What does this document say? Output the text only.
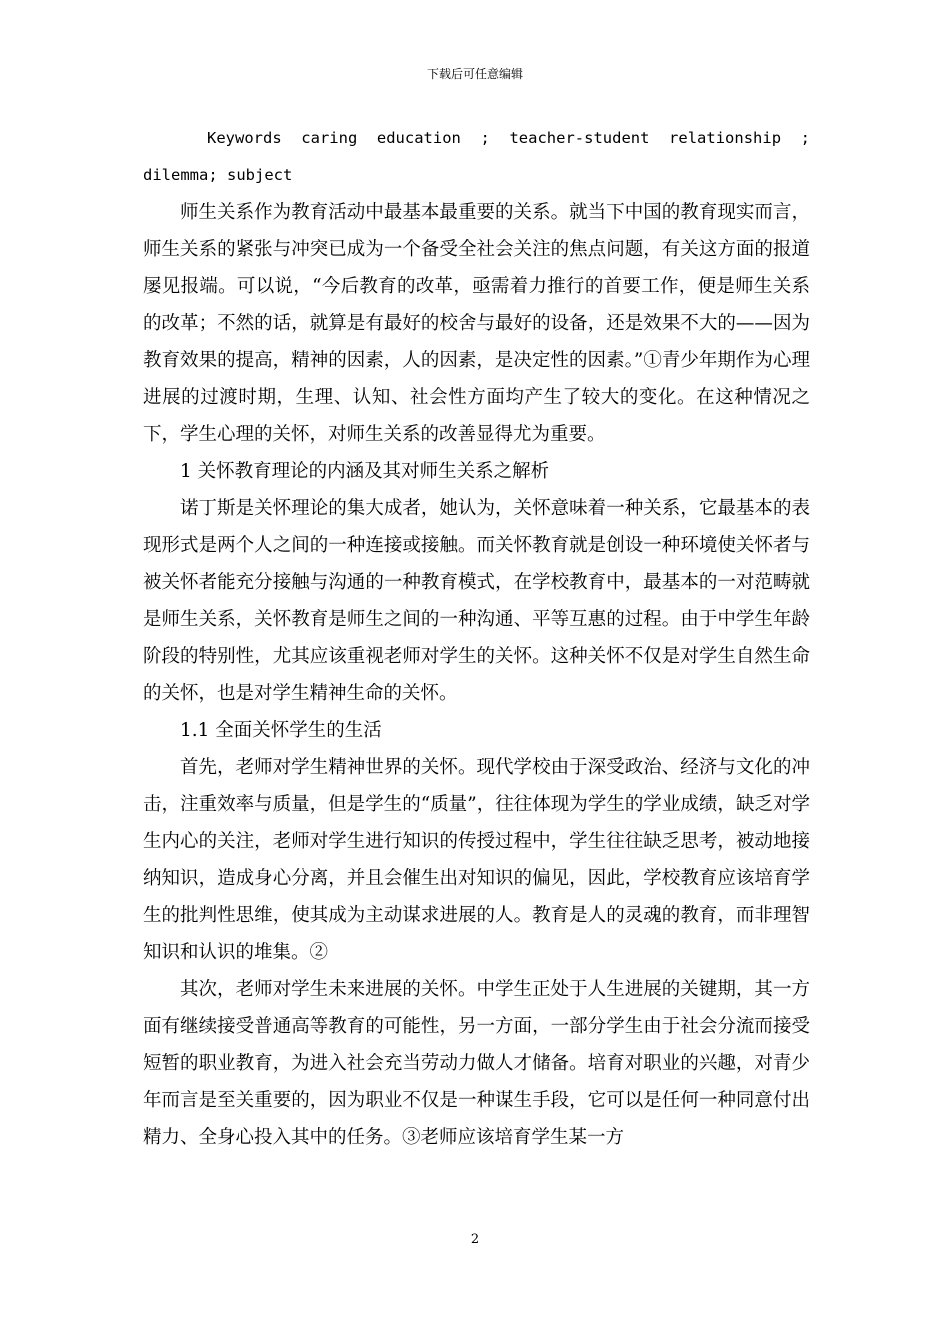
下载后可任意编辑

Keywords caring education ; teacher-student relationship ; dilemma; subject

师生关系作为教育活动中最基本最重要的关系。就当下中国的教育现实而言，师生关系的紧张与冲突已成为一个备受全社会关注的焦点问题，有关这方面的报道屡见报端。可以说，“今后教育的改革，亟需着力推行的首要工作，便是师生关系的改革；不然的话，就算是有最好的校舍与最好的设备，还是效果不大的——因为教育效果的提高，精神的因素，人的因素，是决定性的因素。”①青少年期作为心理进展的过渡时期，生理、认知、社会性方面均产生了较大的变化。在这种情况之下，学生心理的关怀，对师生关系的改善显得尤为重要。

1 关怀教育理论的内涵及其对师生关系之解析

诺丁斯是关怀理论的集大成者，她认为，关怀意味着一种关系，它最基本的表现形式是两个人之间的一种连接或接触。而关怀教育就是创设一种环境使关怀者与被关怀者能充分接触与沟通的一种教育模式，在学校教育中，最基本的一对范畴就是师生关系，关怀教育是师生之间的一种沟通、平等互惠的过程。由于中学生年龄阶段的特别性，尤其应该重视老师对学生的关怀。这种关怀不仅是对学生自然生命的关怀，也是对学生精神生命的关怀。

1.1 全面关怀学生的生活

首先，老师对学生精神世界的关怀。现代学校由于深受政治、经济与文化的冲击，注重效率与质量，但是学生的“质量”，往往体现为学生的学业成绩，缺乏对学生内心的关注，老师对学生进行知识的传授过程中，学生往往缺乏思考，被动地接纳知识，造成身心分离，并且会催生出对知识的偏见，因此，学校教育应该培育学生的批判性思维，使其成为主动谋求进展的人。教育是人的灵魂的教育，而非理智知识和认识的堆集。②

其次，老师对学生未来进展的关怀。中学生正处于人生进展的关键期，其一方面有继续接受普通高等教育的可能性，另一方面，一部分学生由于社会分流而接受短暂的职业教育，为进入社会充当劳动力做人才储备。培育对职业的兴趣，对青少年而言是至关重要的，因为职业不仅是一种谋生手段，它可以是任何一种同意付出精力、全身心投入其中的任务。③老师应该培育学生某一方

2
